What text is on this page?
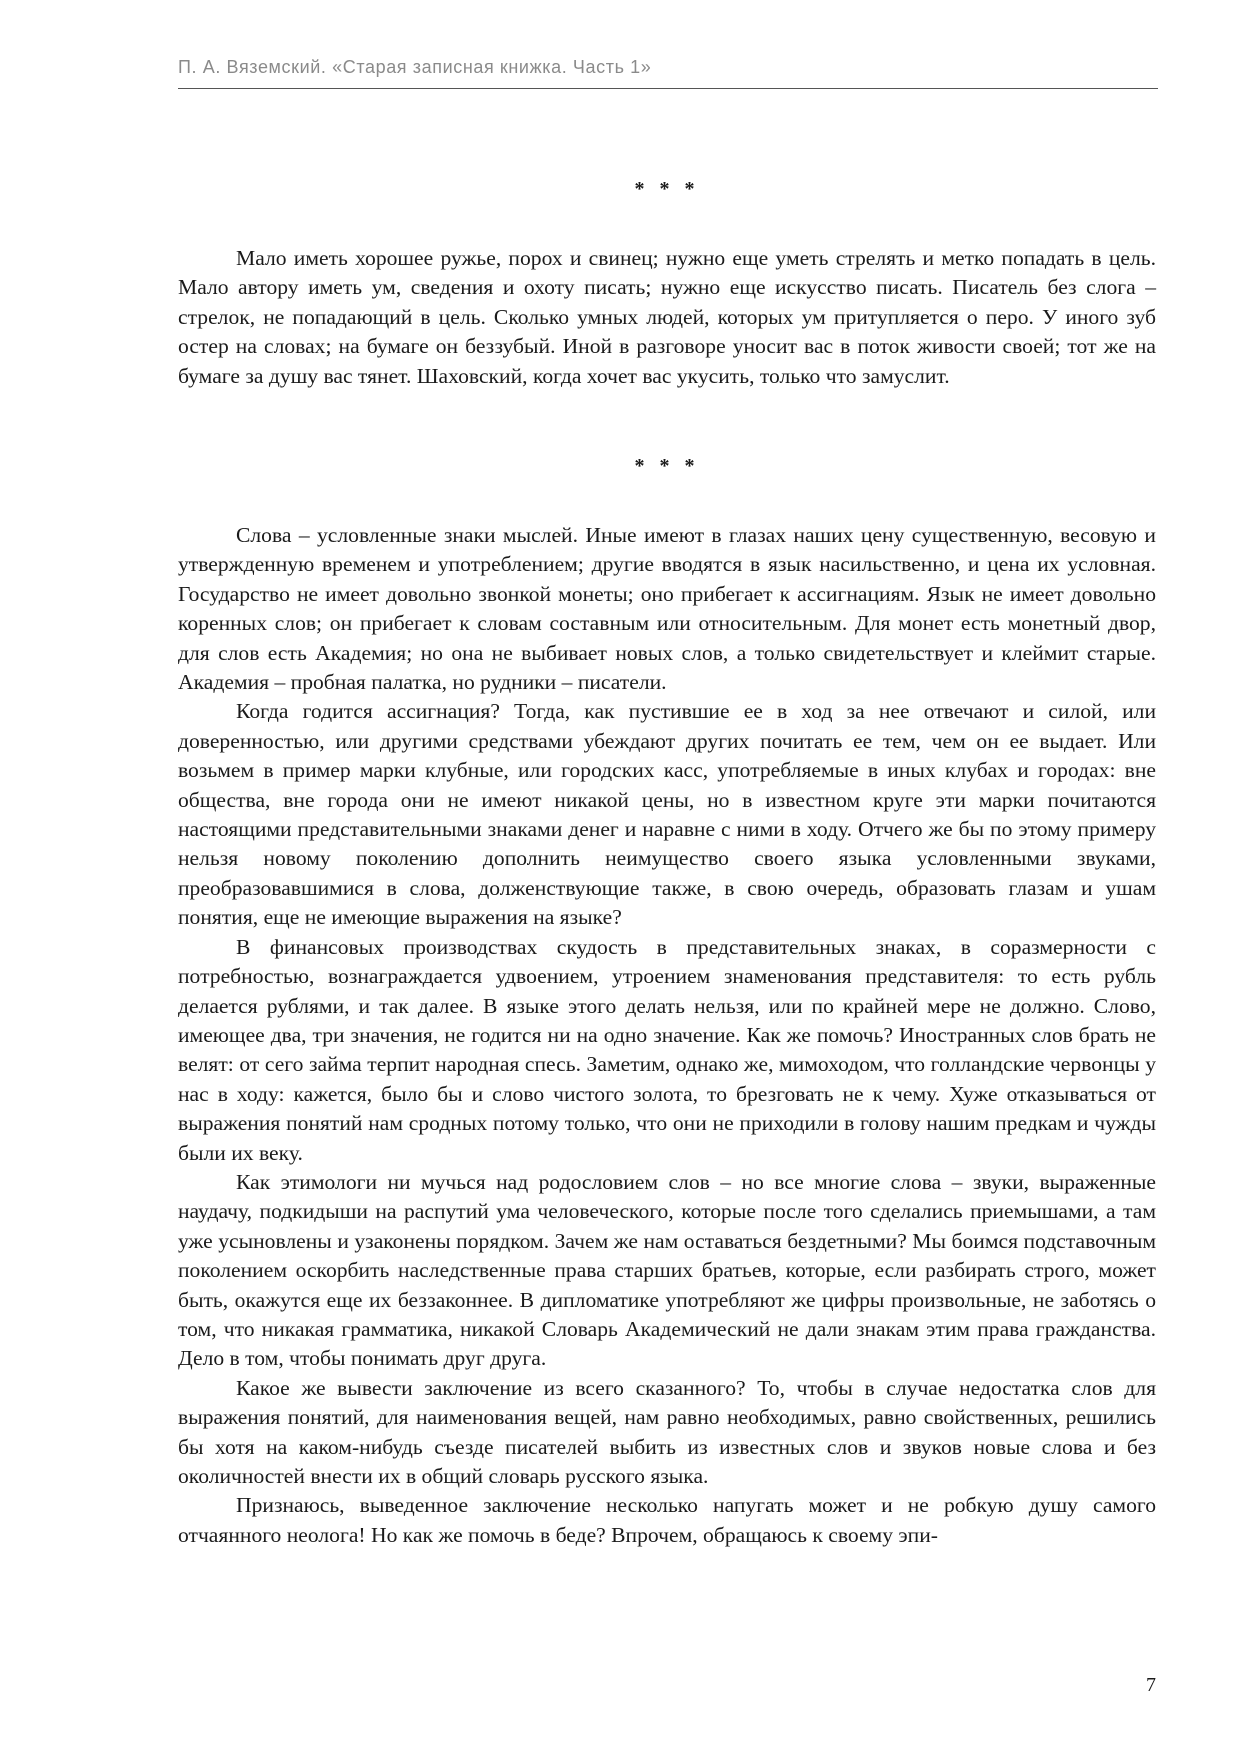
П. А. Вяземский. «Старая записная книжка. Часть 1»
* * *

Мало иметь хорошее ружье, порох и свинец; нужно еще уметь стрелять и метко попадать в цель. Мало автору иметь ум, сведения и охоту писать; нужно еще искусство писать. Писатель без слога – стрелок, не попадающий в цель. Сколько умных людей, которых ум притупляется о перо. У иного зуб остер на словах; на бумаге он беззубый. Иной в разговоре уносит вас в поток живости своей; тот же на бумаге за душу вас тянет. Шаховский, когда хочет вас укусить, только что замуслит.

* * *

Слова – условленные знаки мыслей. Иные имеют в глазах наших цену существенную, весовую и утвержденную временем и употреблением; другие вводятся в язык насильственно, и цена их условная. Государство не имеет довольно звонкой монеты; оно прибегает к ассигнациям. Язык не имеет довольно коренных слов; он прибегает к словам составным или относительным. Для монет есть монетный двор, для слов есть Академия; но она не выбивает новых слов, а только свидетельствует и клеймит старые. Академия – пробная палатка, но рудники – писатели.

Когда годится ассигнация? Тогда, как пустившие ее в ход за нее отвечают и силой, или доверенностью, или другими средствами убеждают других почитать ее тем, чем он ее выдает. Или возьмем в пример марки клубные, или городских касс, употребляемые в иных клубах и городах: вне общества, вне города они не имеют никакой цены, но в известном круге эти марки почитаются настоящими представительными знаками денег и наравне с ними в ходу. Отчего же бы по этому примеру нельзя новому поколению дополнить неимущество своего языка условленными звуками, преобразовавшимися в слова, долженствующие также, в свою очередь, образовать глазам и ушам понятия, еще не имеющие выражения на языке?

В финансовых производствах скудость в представительных знаках, в соразмерности с потребностью, вознаграждается удвоением, утроением знаменования представителя: то есть рубль делается рублями, и так далее. В языке этого делать нельзя, или по крайней мере не должно. Слово, имеющее два, три значения, не годится ни на одно значение. Как же помочь? Иностранных слов брать не велят: от сего займа терпит народная спесь. Заметим, однако же, мимоходом, что голландские червонцы у нас в ходу: кажется, было бы и слово чистого золота, то брезговать не к чему. Хуже отказываться от выражения понятий нам сродных потому только, что они не приходили в голову нашим предкам и чужды были их веку.

Как этимологи ни мучься над родословием слов – но все многие слова – звуки, выраженные наудачу, подкидыши на распутий ума человеческого, которые после того сделались приемышами, а там уже усыновлены и узаконены порядком. Зачем же нам оставаться бездетными? Мы боимся подставочным поколением оскорбить наследственные права старших братьев, которые, если разбирать строго, может быть, окажутся еще их беззаконнее. В дипломатике употребляют же цифры произвольные, не заботясь о том, что никакая грамматика, никакой Словарь Академический не дали знакам этим права гражданства. Дело в том, чтобы понимать друг друга.

Какое же вывести заключение из всего сказанного? То, чтобы в случае недостатка слов для выражения понятий, для наименования вещей, нам равно необходимых, равно свойственных, решились бы хотя на каком-нибудь съезде писателей выбить из известных слов и звуков новые слова и без околичностей внести их в общий словарь русского языка.

Признаюсь, выведенное заключение несколько напугать может и не робкую душу самого отчаянного неолога! Но как же помочь в беде? Впрочем, обращаюсь к своему эпи-

7
